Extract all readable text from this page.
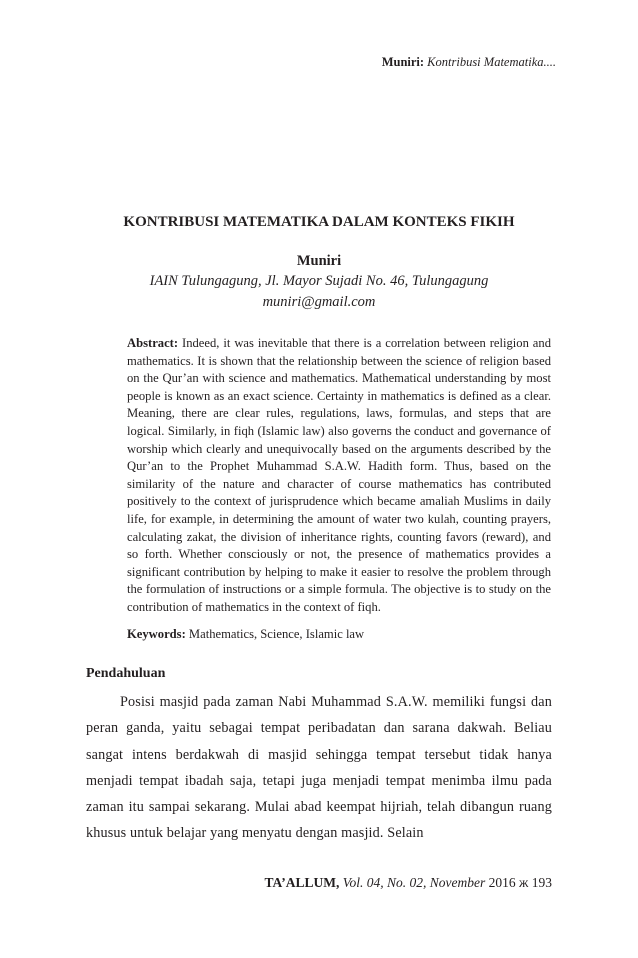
Muniri: Kontribusi Matematika....
KONTRIBUSI MATEMATIKA DALAM KONTEKS FIKIH
Muniri
IAIN Tulungagung, Jl. Mayor Sujadi No. 46, Tulungagung
muniri@gmail.com

Abstract: Indeed, it was inevitable that there is a correlation between religion and mathematics. It is shown that the relationship between the science of religion based on the Qur’an with science and mathematics. Mathematical understanding by most people is known as an exact science. Certainty in mathematics is defined as a clear. Meaning, there are clear rules, regulations, laws, formulas, and steps that are logical. Similarly, in fiqh (Islamic law) also governs the conduct and governance of worship which clearly and unequivocally based on the arguments described by the Qur’an to the Prophet Muhammad S.A.W. Hadith form. Thus, based on the similarity of the nature and character of course mathematics has contributed positively to the context of jurisprudence which became amaliah Muslims in daily life, for example, in determining the amount of water two kulah, counting prayers, calculating zakat, the division of inheritance rights, counting favors (reward), and so forth. Whether consciously or not, the presence of mathematics provides a significant contribution by helping to make it easier to resolve the problem through the formulation of instructions or a simple formula. The objective is to study on the contribution of mathematics in the context of fiqh.

Keywords: Mathematics, Science, Islamic law

Pendahuluan

Posisi masjid pada zaman Nabi Muhammad S.A.W. memiliki fungsi dan peran ganda, yaitu sebagai tempat peribadatan dan sarana dakwah. Beliau sangat intens berdakwah di masjid sehingga tempat tersebut tidak hanya menjadi tempat ibadah saja, tetapi juga menjadi tempat menimba ilmu pada zaman itu sampai sekarang. Mulai abad keempat hijriah, telah dibangun ruang khusus untuk belajar yang menyatu dengan masjid. Selain

TA’ALLUM, Vol. 04, No. 02, November 2016 ж 193
